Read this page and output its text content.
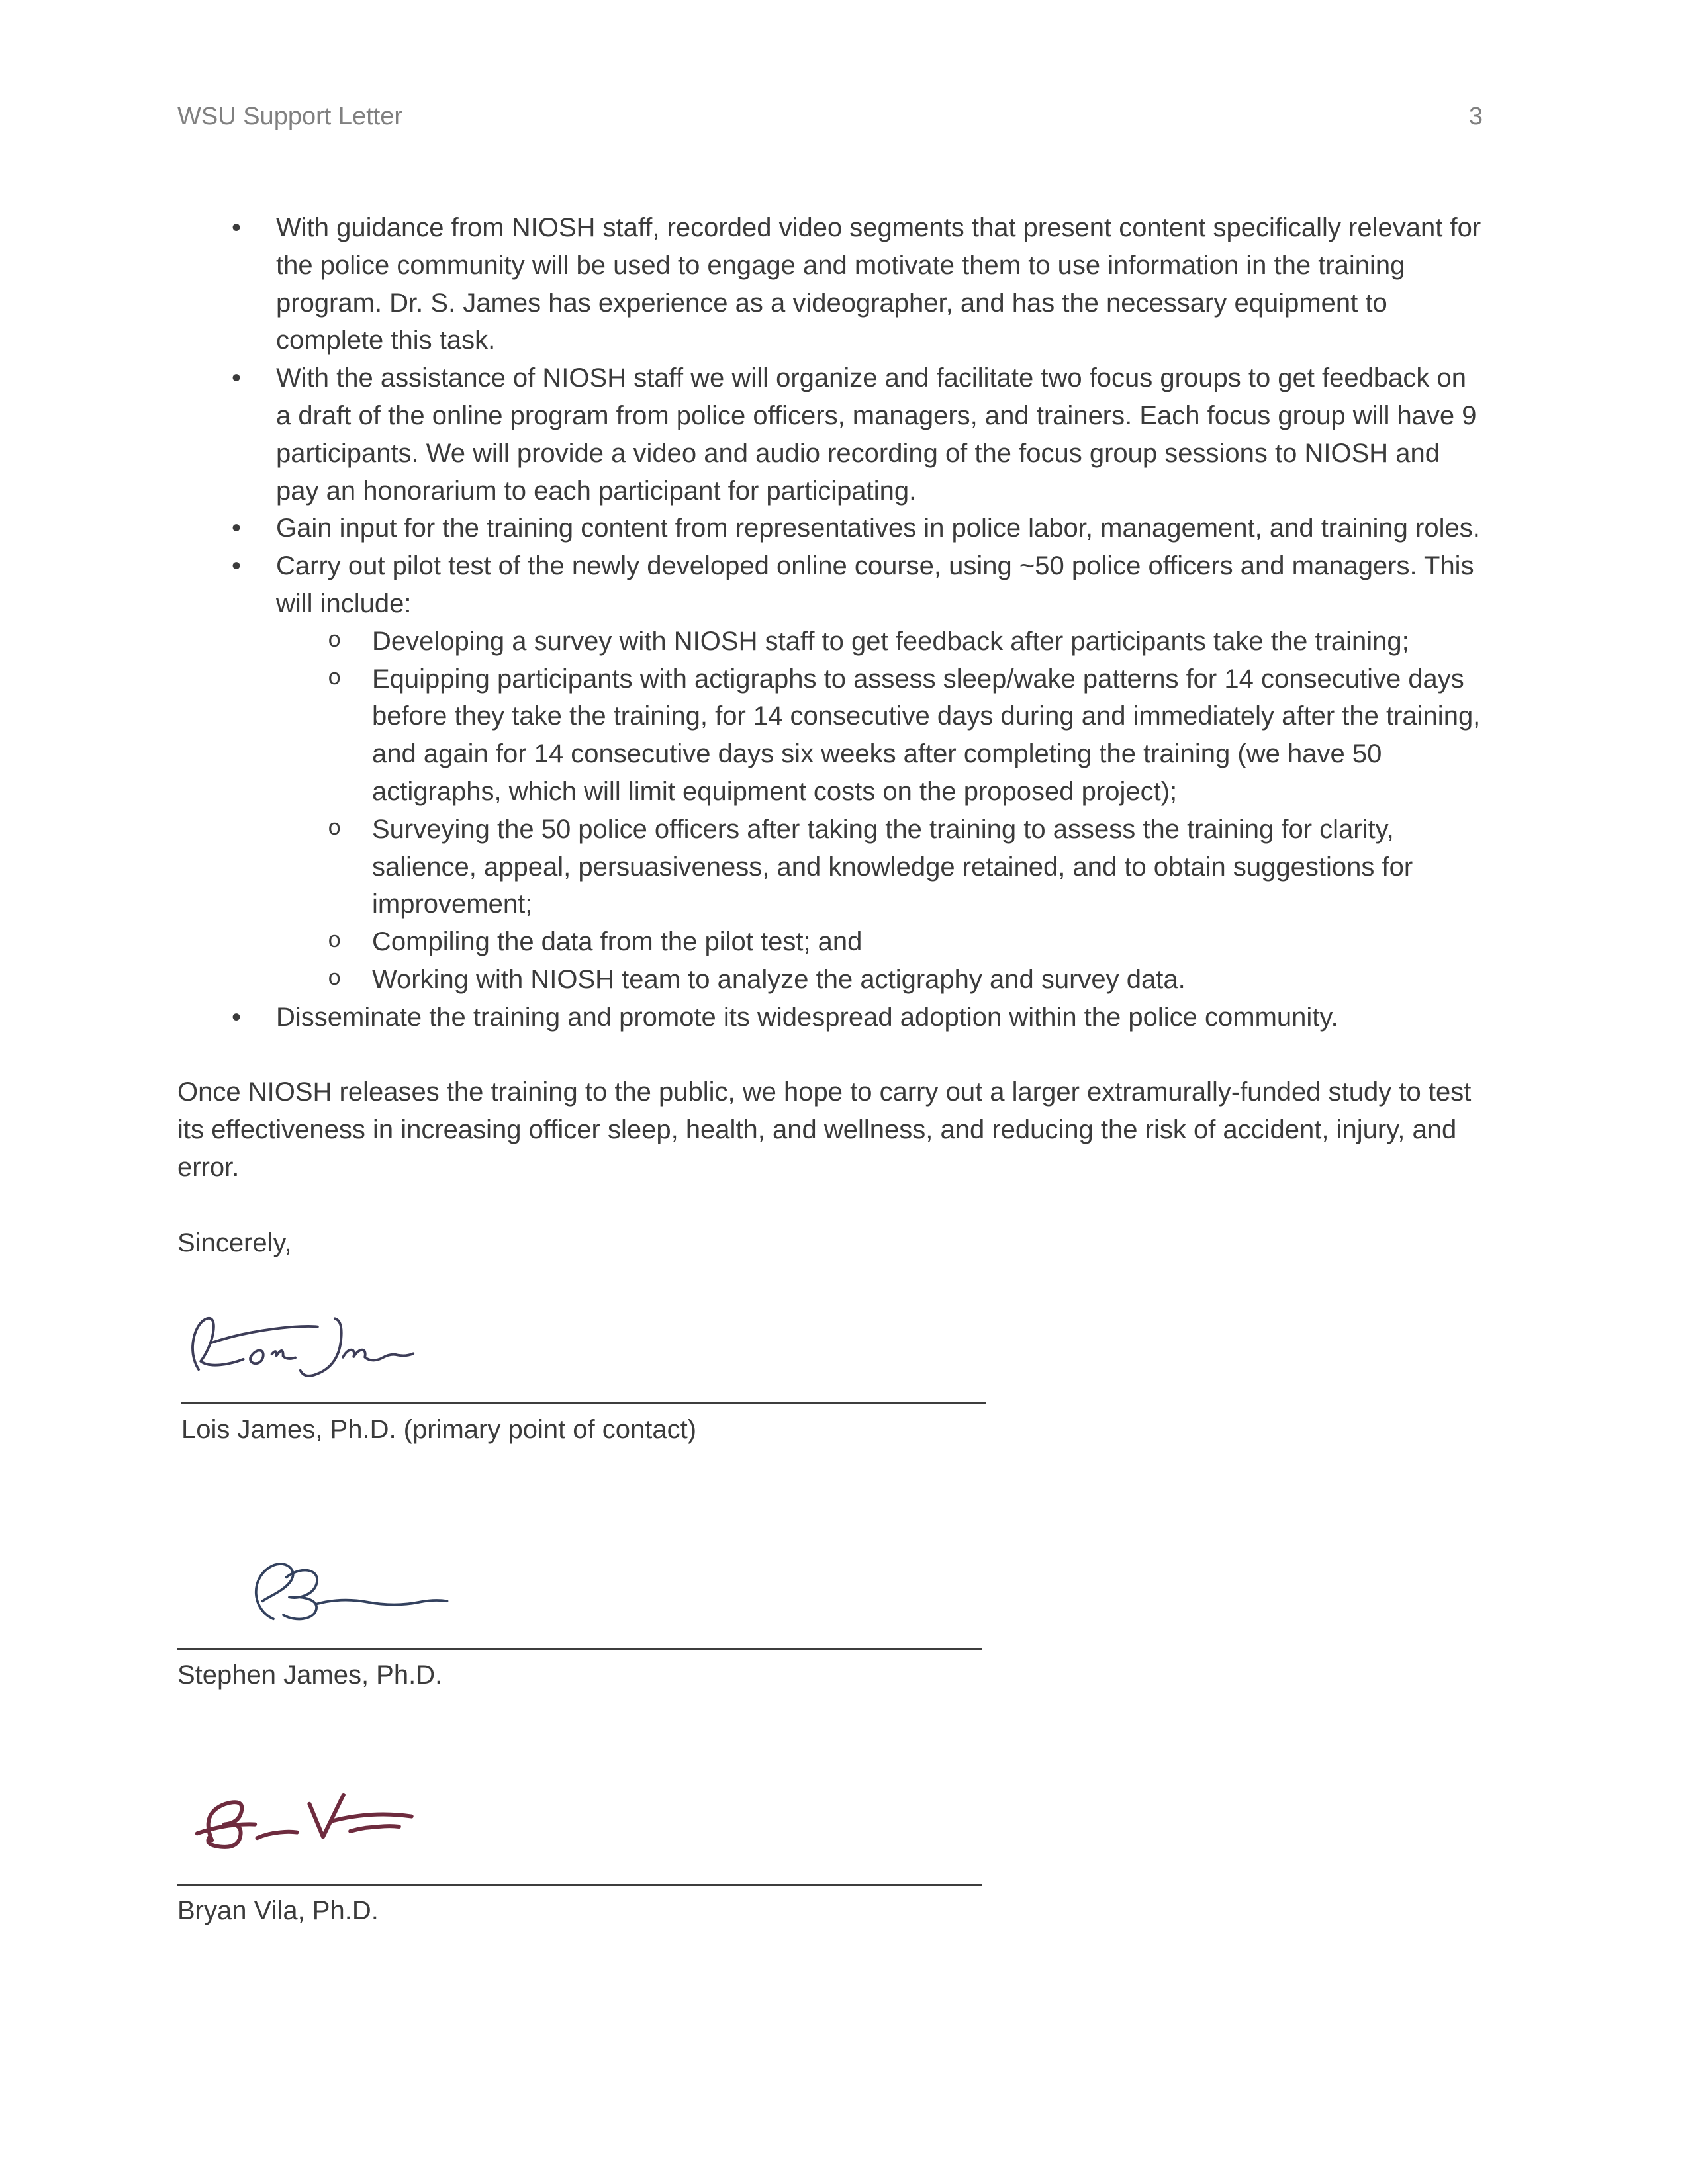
WSU Support Letter	3
•	With guidance from NIOSH staff, recorded video segments that present content specifically relevant for the police community will be used to engage and motivate them to use information in the training program. Dr. S. James has experience as a videographer, and has the necessary equipment to complete this task.
•	With the assistance of NIOSH staff we will organize and facilitate two focus groups to get feedback on a draft of the online program from police officers, managers, and trainers. Each focus group will have 9 participants. We will provide a video and audio recording of the focus group sessions to NIOSH and pay an honorarium to each participant for participating.
•	Gain input for the training content from representatives in police labor, management, and training roles.
•	Carry out pilot test of the newly developed online course, using ~50 police officers and managers. This will include:
o	Developing a survey with NIOSH staff to get feedback after participants take the training;
o	Equipping participants with actigraphs to assess sleep/wake patterns for 14 consecutive days before they take the training, for 14 consecutive days during and immediately after the training, and again for 14 consecutive days six weeks after completing the training (we have 50 actigraphs, which will limit equipment costs on the proposed project);
o	Surveying the 50 police officers after taking the training to assess the training for clarity, salience, appeal, persuasiveness, and knowledge retained, and to obtain suggestions for improvement;
o	Compiling the data from the pilot test; and
o	Working with NIOSH team to analyze the actigraphy and survey data.
•	Disseminate the training and promote its widespread adoption within the police community.

Once NIOSH releases the training to the public, we hope to carry out a larger extramurally-funded study to test its effectiveness in increasing officer sleep, health, and wellness, and reducing the risk of accident, injury, and error.

Sincerely,

Lois James, Ph.D. (primary point of contact)
Stephen James, Ph.D.
Bryan Vila, Ph.D.
